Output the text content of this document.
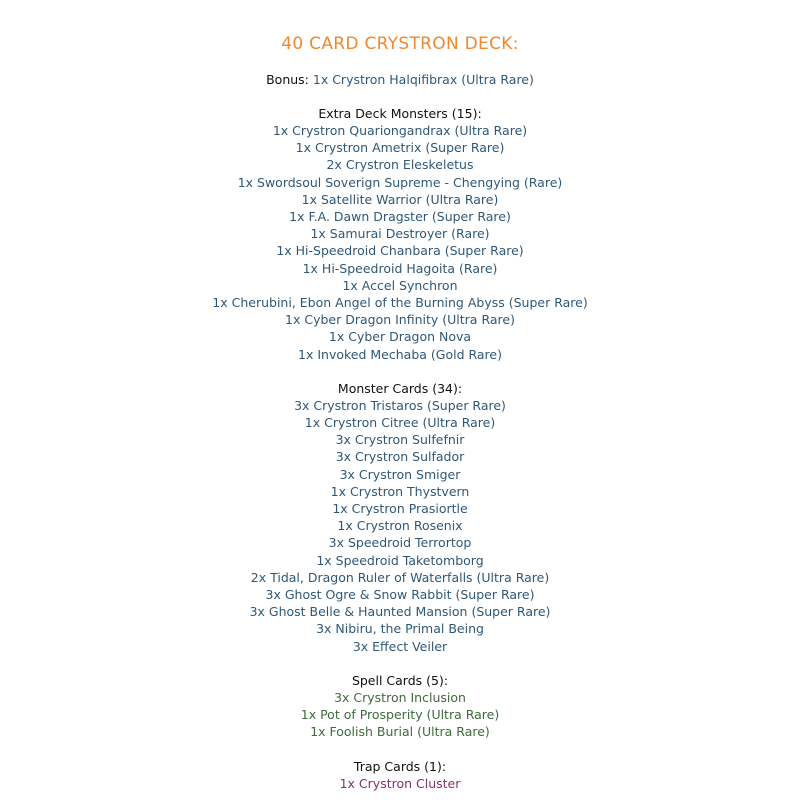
40 CARD CRYSTRON DECK:
Bonus: 1x Crystron Halqifibrax (Ultra Rare)
Extra Deck Monsters (15):
1x Crystron Quariongandrax (Ultra Rare)
1x Crystron Ametrix (Super Rare)
2x Crystron Eleskeletus
1x Swordsoul Soverign Supreme - Chengying (Rare)
1x Satellite Warrior (Ultra Rare)
1x F.A. Dawn Dragster (Super Rare)
1x Samurai Destroyer (Rare)
1x Hi-Speedroid Chanbara (Super Rare)
1x Hi-Speedroid Hagoita (Rare)
1x Accel Synchron
1x Cherubini, Ebon Angel of the Burning Abyss (Super Rare)
1x Cyber Dragon Infinity (Ultra Rare)
1x Cyber Dragon Nova
1x Invoked Mechaba (Gold Rare)
Monster Cards (34):
3x Crystron Tristaros (Super Rare)
1x Crystron Citree (Ultra Rare)
3x Crystron Sulfefnir
3x Crystron Sulfador
3x Crystron Smiger
1x Crystron Thystvern
1x Crystron Prasiortle
1x Crystron Rosenix
3x Speedroid Terrortop
1x Speedroid Taketomborg
2x Tidal, Dragon Ruler of Waterfalls (Ultra Rare)
3x Ghost Ogre & Snow Rabbit (Super Rare)
3x Ghost Belle & Haunted Mansion (Super Rare)
3x Nibiru, the Primal Being
3x Effect Veiler
Spell Cards (5):
3x Crystron Inclusion
1x Pot of Prosperity (Ultra Rare)
1x Foolish Burial (Ultra Rare)
Trap Cards (1):
1x Crystron Cluster
